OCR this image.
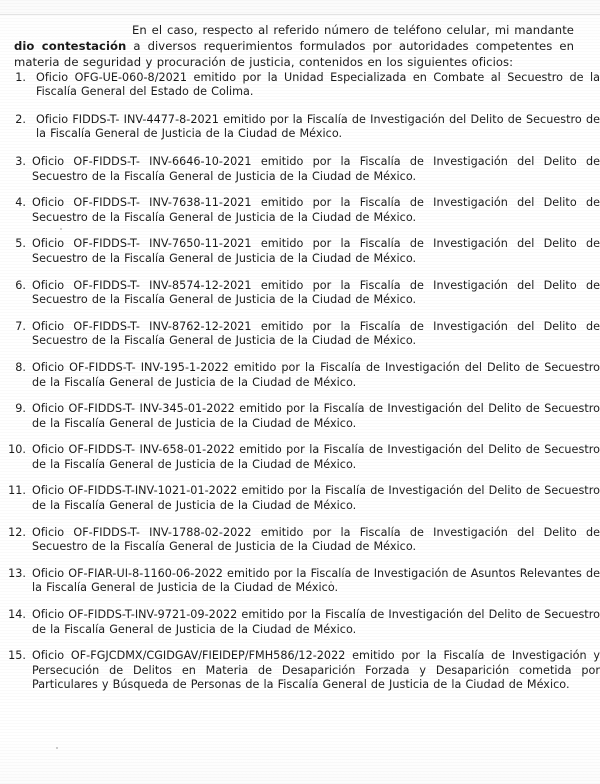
En el caso, respecto al referido número de teléfono celular, mi mandante dio contestación a diversos requerimientos formulados por autoridades competentes en materia de seguridad y procuración de justicia, contenidos en los siguientes oficios:

1. Oficio OFG-UE-060-8/2021 emitido por la Unidad Especializada en Combate al Secuestro de la Fiscalía General del Estado de Colima.
2. Oficio FIDDS-T- INV-4477-8-2021 emitido por la Fiscalía de Investigación del Delito de Secuestro de la Fiscalía General de Justicia de la Ciudad de México.
3. Oficio OF-FIDDS-T- INV-6646-10-2021 emitido por la Fiscalía de Investigación del Delito de Secuestro de la Fiscalía General de Justicia de la Ciudad de México.
4. Oficio OF-FIDDS-T- INV-7638-11-2021 emitido por la Fiscalía de Investigación del Delito de Secuestro de la Fiscalía General de Justicia de la Ciudad de México.
5. Oficio OF-FIDDS-T- INV-7650-11-2021 emitido por la Fiscalía de Investigación del Delito de Secuestro de la Fiscalía General de Justicia de la Ciudad de México.
6. Oficio OF-FIDDS-T- INV-8574-12-2021 emitido por la Fiscalía de Investigación del Delito de Secuestro de la Fiscalía General de Justicia de la Ciudad de México.
7. Oficio OF-FIDDS-T- INV-8762-12-2021 emitido por la Fiscalía de Investigación del Delito de Secuestro de la Fiscalía General de Justicia de la Ciudad de México.
8. Oficio OF-FIDDS-T- INV-195-1-2022 emitido por la Fiscalía de Investigación del Delito de Secuestro de la Fiscalía General de Justicia de la Ciudad de México.
9. Oficio OF-FIDDS-T- INV-345-01-2022 emitido por la Fiscalía de Investigación del Delito de Secuestro de la Fiscalía General de Justicia de la Ciudad de México.
10. Oficio OF-FIDDS-T- INV-658-01-2022 emitido por la Fiscalía de Investigación del Delito de Secuestro de la Fiscalía General de Justicia de la Ciudad de México.
11. Oficio OF-FIDDS-T-INV-1021-01-2022 emitido por la Fiscalía de Investigación del Delito de Secuestro de la Fiscalía General de Justicia de la Ciudad de México.
12. Oficio OF-FIDDS-T- INV-1788-02-2022 emitido por la Fiscalía de Investigación del Delito de Secuestro de la Fiscalía General de Justicia de la Ciudad de México.
13. Oficio OF-FIAR-UI-8-1160-06-2022 emitido por la Fiscalía de Investigación de Asuntos Relevantes de la Fiscalía General de Justicia de la Ciudad de México.
14. Oficio OF-FIDDS-T-INV-9721-09-2022 emitido por la Fiscalía de Investigación del Delito de Secuestro de la Fiscalía General de Justicia de la Ciudad de México.
15. Oficio OF-FGJCDMX/CGIDGAV/FIEIDEP/FMH586/12-2022 emitido por la Fiscalía de Investigación y Persecución de Delitos en Materia de Desaparición Forzada y Desaparición cometida por Particulares y Búsqueda de Personas de la Fiscalía General de Justicia de la Ciudad de México.
